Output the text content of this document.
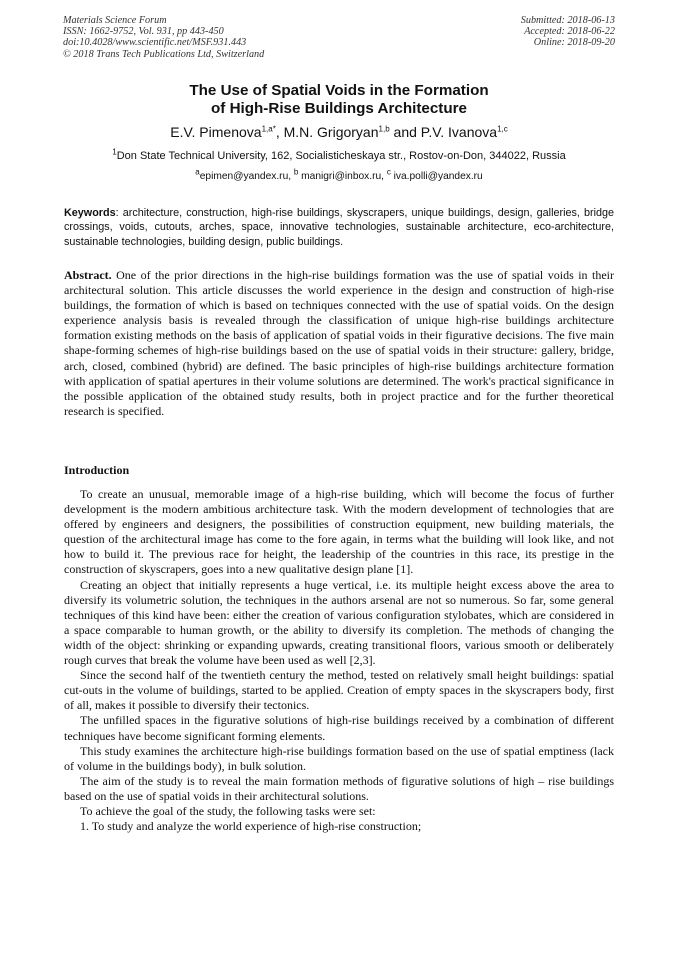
Materials Science Forum
ISSN: 1662-9752, Vol. 931, pp 443-450
doi:10.4028/www.scientific.net/MSF.931.443
© 2018 Trans Tech Publications Ltd, Switzerland
Submitted: 2018-06-13
Accepted: 2018-06-22
Online: 2018-09-20
The Use of Spatial Voids in the Formation
of High-Rise Buildings Architecture
E.V. Pimenova$^{1,a*}$, M.N. Grigoryan$^{1,b}$ and P.V. Ivanova$^{1,c}$
$^1$Don State Technical University, 162, Socialisticheskaya str., Rostov-on-Don, 344022, Russia
$^a$epimen@yandex.ru, $^b$ manigri@inbox.ru, $^c$ iva.polli@yandex.ru
Keywords: architecture, construction, high-rise buildings, skyscrapers, unique buildings, design, galleries, bridge crossings, voids, cutouts, arches, space, innovative technologies, sustainable architecture, eco-architecture, sustainable technologies, building design, public buildings.
Abstract. One of the prior directions in the high-rise buildings formation was the use of spatial voids in their architectural solution. This article discusses the world experience in the design and construction of high-rise buildings, the formation of which is based on techniques connected with the use of spatial voids. On the design experience analysis basis is revealed through the classification of unique high-rise buildings architecture formation existing methods on the basis of application of spatial voids in their figurative decisions. The five main shape-forming schemes of high-rise buildings based on the use of spatial voids in their structure: gallery, bridge, arch, closed, combined (hybrid) are defined. The basic principles of high-rise buildings architecture formation with application of spatial apertures in their volume solutions are determined. The work's practical significance in the possible application of the obtained study results, both in project practice and for the further theoretical research is specified.
Introduction

To create an unusual, memorable image of a high-rise building, which will become the focus of further development is the modern ambitious architecture task. With the modern development of technologies that are offered by engineers and designers, the possibilities of construction equipment, new building materials, the question of the architectural image has come to the fore again, in terms what the building will look like, and not how to build it. The previous race for height, the leadership of the countries in this race, its prestige in the construction of skyscrapers, goes into a new qualitative design plane [1].

Creating an object that initially represents a huge vertical, i.e. its multiple height excess above the area to diversify its volumetric solution, the techniques in the authors arsenal are not so numerous. So far, some general techniques of this kind have been: either the creation of various configuration stylobates, which are considered in a space comparable to human growth, or the ability to diversify its completion. The methods of changing the width of the object: shrinking or expanding upwards, creating transitional floors, various smooth or deliberately rough curves that break the volume have been used as well [2,3].

Since the second half of the twentieth century the method, tested on relatively small height buildings: spatial cut-outs in the volume of buildings, started to be applied. Creation of empty spaces in the skyscrapers body, first of all, makes it possible to diversify their tectonics.

The unfilled spaces in the figurative solutions of high-rise buildings received by a combination of different techniques have become significant forming elements.

This study examines the architecture high-rise buildings formation based on the use of spatial emptiness (lack of volume in the buildings body), in bulk solution.

The aim of the study is to reveal the main formation methods of figurative solutions of high – rise buildings based on the use of spatial voids in their architectural solutions.

To achieve the goal of the study, the following tasks were set:

1. To study and analyze the world experience of high-rise construction;
